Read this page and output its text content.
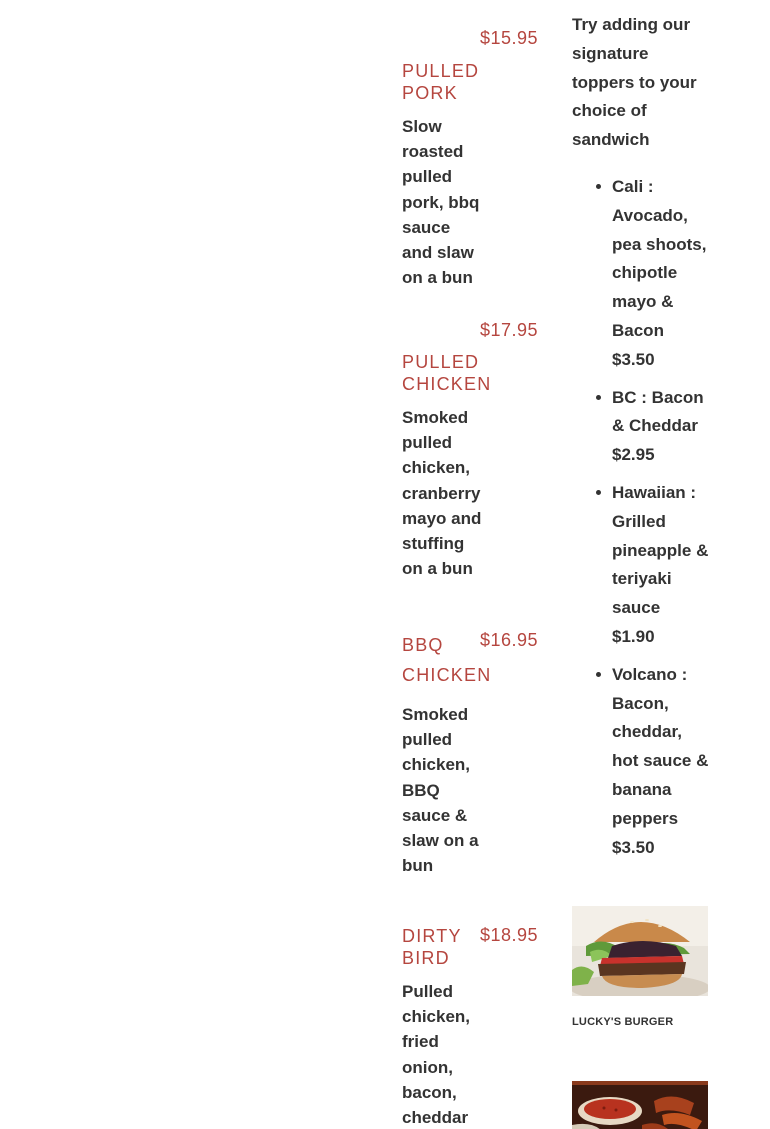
$15.95
PULLED PORK
Slow roasted pulled pork, bbq sauce and slaw on a bun
$17.95
PULLED CHICKEN
Smoked pulled chicken, cranberry mayo and stuffing on a bun
$16.95
BBQ CHICKEN
Smoked pulled chicken, BBQ sauce & slaw on a bun
$18.95
DIRTY BIRD
Pulled chicken, fried onion, bacon, cheddar

Try adding our signature toppers to your choice of sandwich

Cali : Avocado, pea shoots, chipotle mayo & Bacon
$3.50
BC : Bacon & Cheddar
$2.95
Hawaiian : Grilled pineapple & teriyaki sauce
$1.90
Volcano : Bacon, cheddar, hot sauce & banana peppers
$3.50

LUCKY'S BURGER
